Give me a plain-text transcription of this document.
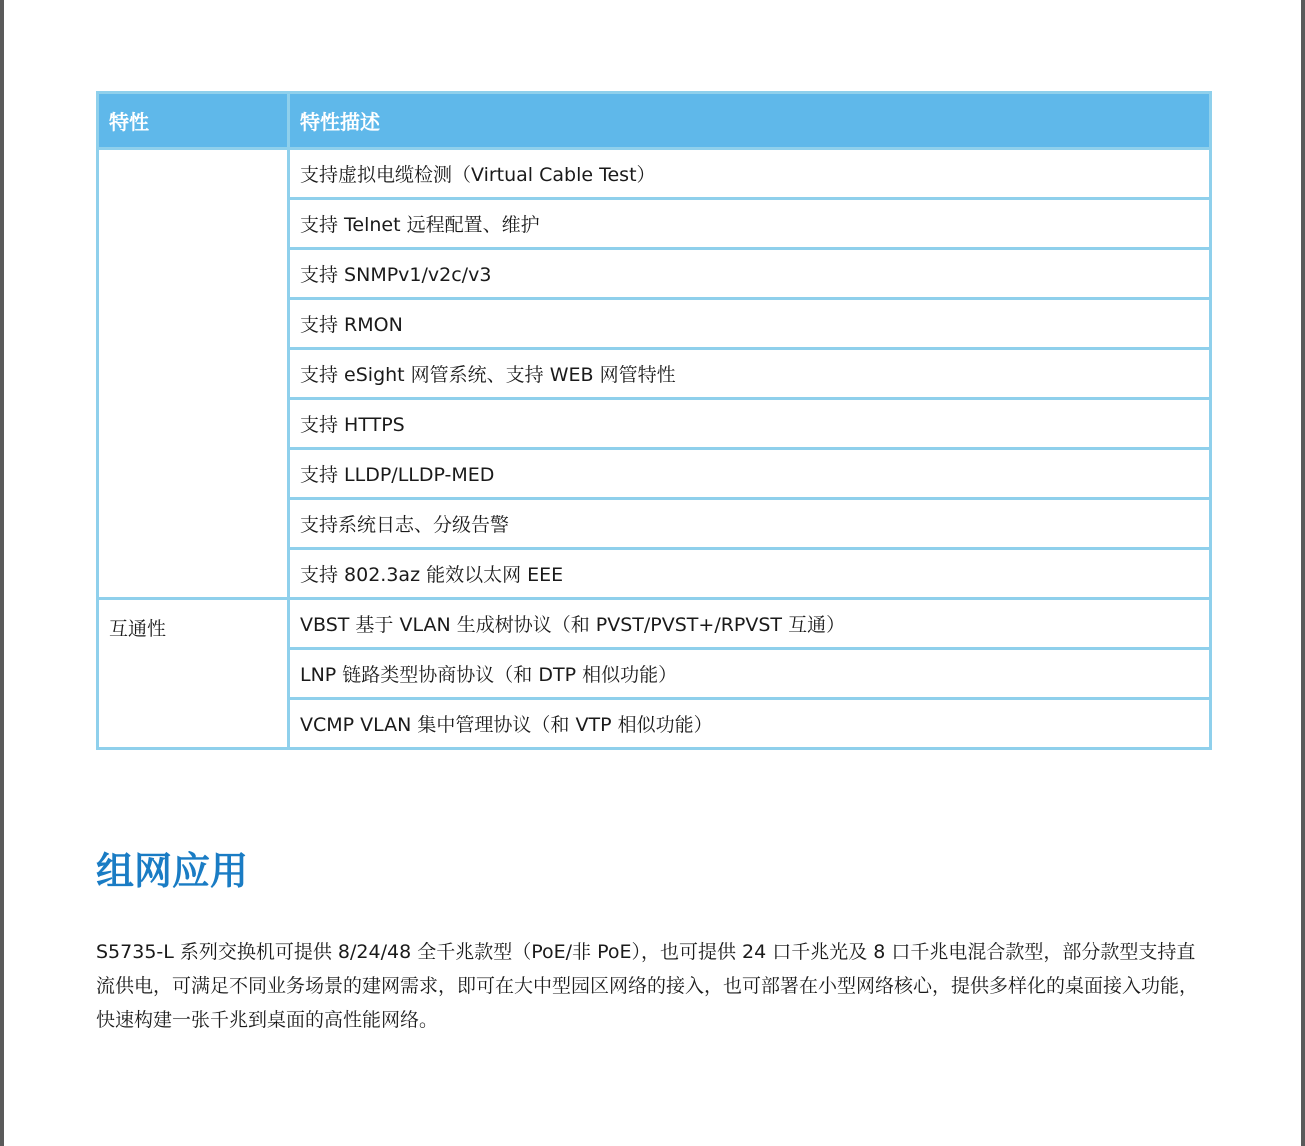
特性	特性描述
	支持虚拟电缆检测（Virtual Cable Test）
	支持 Telnet 远程配置、维护
	支持 SNMPv1/v2c/v3
	支持 RMON
	支持 eSight 网管系统、支持 WEB 网管特性
	支持 HTTPS
	支持 LLDP/LLDP-MED
	支持系统日志、分级告警
	支持 802.3az 能效以太网 EEE
互通性	VBST 基于 VLAN 生成树协议（和 PVST/PVST+/RPVST 互通）
	LNP 链路类型协商协议（和 DTP 相似功能）
	VCMP VLAN 集中管理协议（和 VTP 相似功能）
组网应用

S5735-L 系列交换机可提供 8/24/48 全千兆款型（PoE/非 PoE），也可提供 24 口千兆光及 8 口千兆电混合款型，部分款型支持直流供电，可满足不同业务场景的建网需求，即可在大中型园区网络的接入，也可部署在小型网络核心，提供多样化的桌面接入功能，快速构建一张千兆到桌面的高性能网络。
